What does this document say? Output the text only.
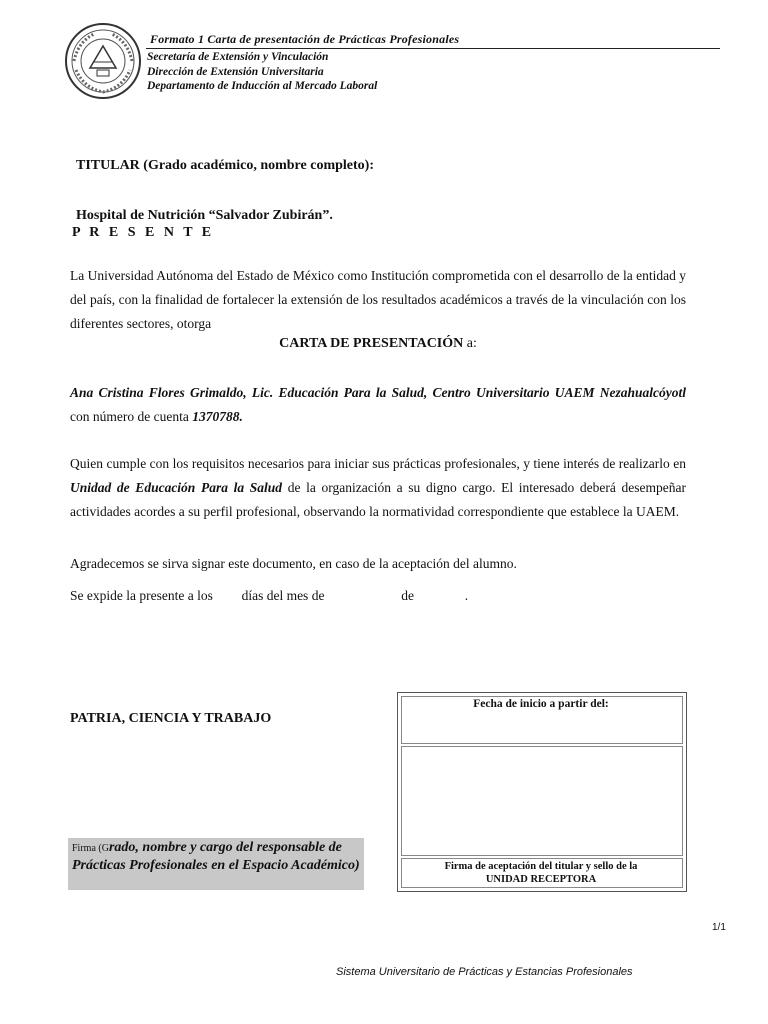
Formato 1 Carta de presentación de Prácticas Profesionales
Secretaría de Extensión y Vinculación
Dirección de Extensión Universitaria
Departamento de Inducción al Mercado Laboral
TITULAR (Grado académico, nombre completo):
Hospital de Nutrición “Salvador Zubirán”.
P R E S E N T E
La Universidad Autónoma del Estado de México como Institución comprometida con el desarrollo de la entidad y del país, con la finalidad de fortalecer la extensión de los resultados académicos a través de la vinculación con los diferentes sectores, otorga
CARTA DE PRESENTACIÓN a:
Ana Cristina Flores Grimaldo, Lic. Educación Para la Salud, Centro Universitario UAEM Nezahualcóyotl con número de cuenta 1370788.
Quien cumple con los requisitos necesarios para iniciar sus prácticas profesionales, y tiene interés de realizarlo en Unidad de Educación Para la Salud de la organización a su digno cargo. El interesado deberá desempeñar actividades acordes a su perfil profesional, observando la normatividad correspondiente que establece la UAEM.
Agradecemos se sirva signar este documento, en caso de la aceptación del alumno.
Se expide la presente a los días del mes de	de	.
PATRIA, CIENCIA Y TRABAJO
Firma (Grado, nombre y cargo del responsable de Prácticas Profesionales en el Espacio Académico)
Fecha de inicio a partir del:
Firma de aceptación del titular y sello de la
UNIDAD RECEPTORA
1/1
Sistema Universitario de Prácticas y Estancias Profesionales
